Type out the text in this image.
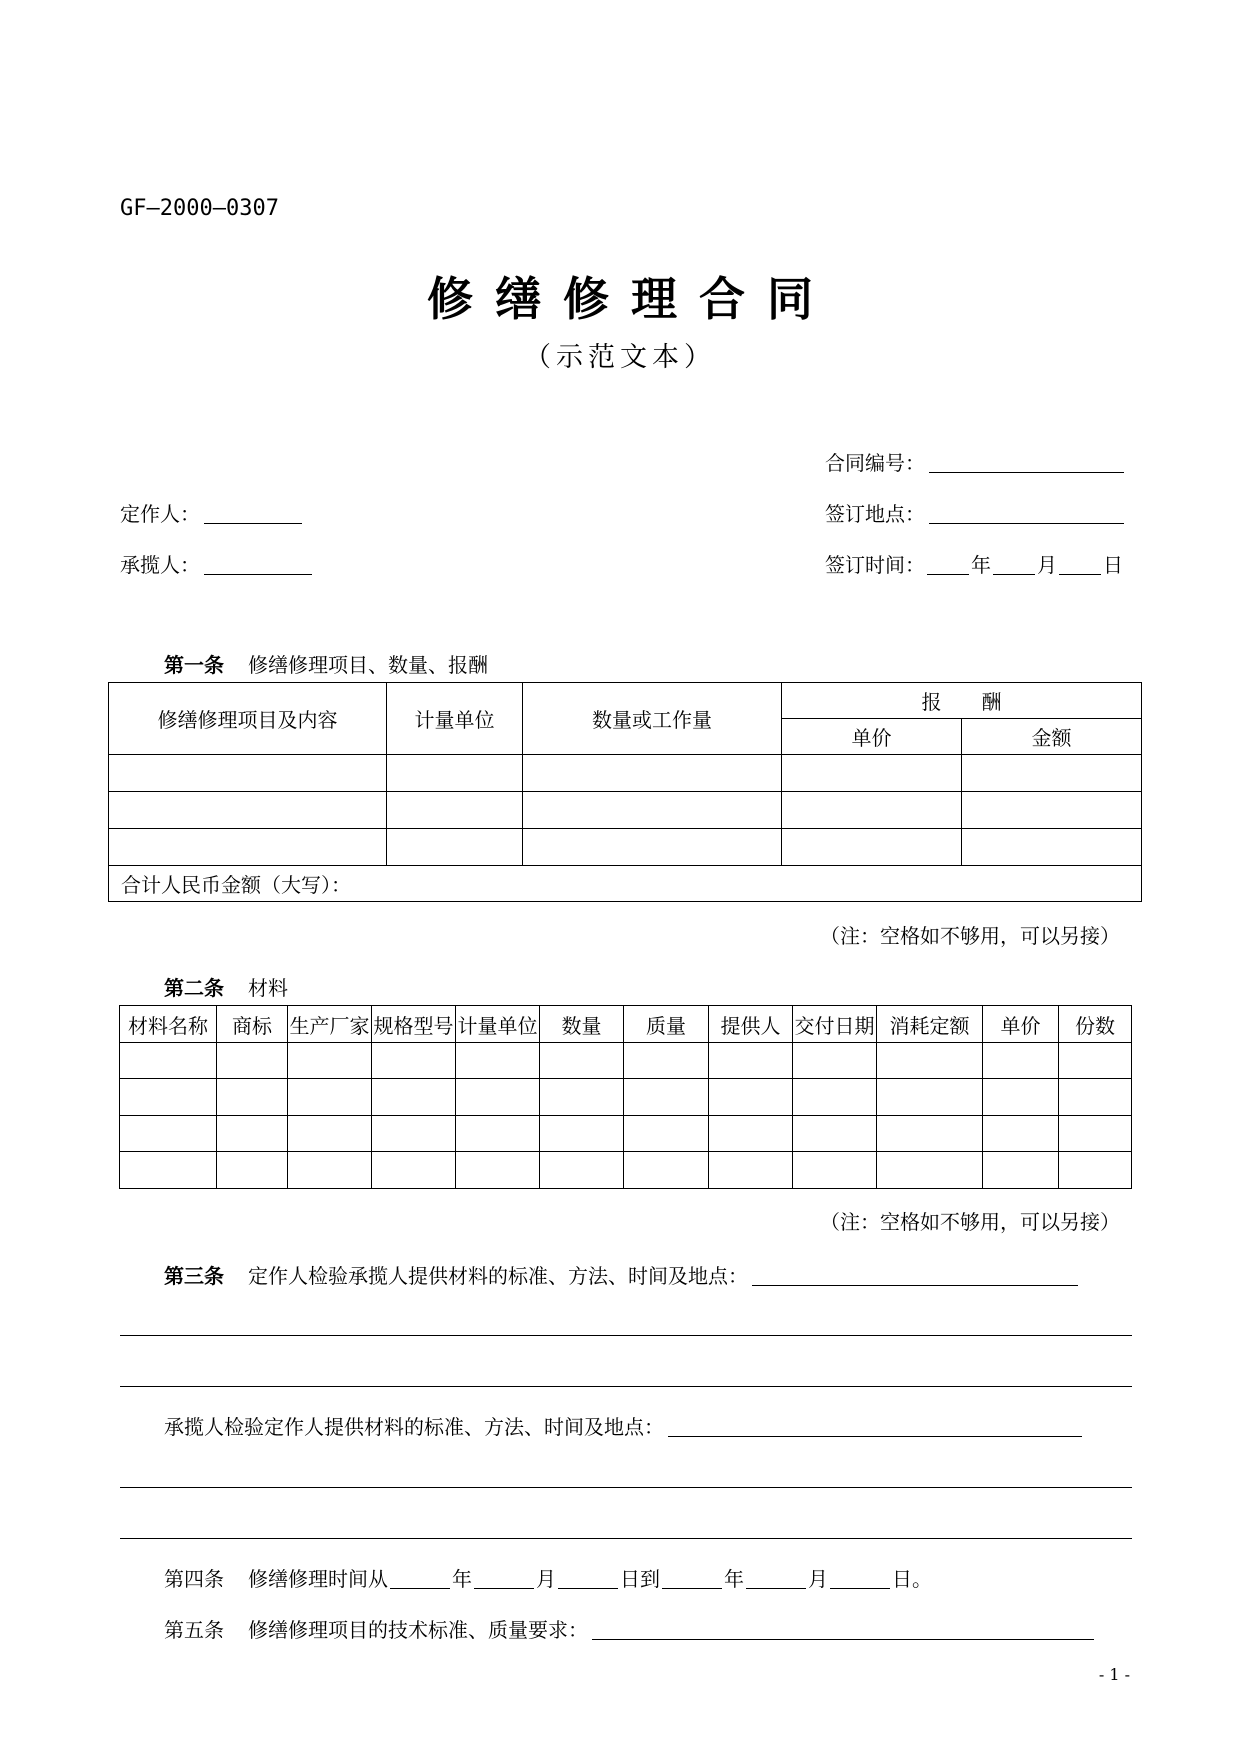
GF—2000—0307
修缮修理合同
（示范文本）
合同编号：
定作人：	签订地点：
承揽人：	签订时间： 年 月 日
第一条 修缮修理项目、数量、报酬
修缮修理项目及内容	计量单位	数量或工作量	报　　酬	
			单价	金额

合计人民币金额（大写）：				
（注：空格如不够用，可以另接）
第二条 材料
材料名称	商标	生产厂家	规格型号	计量单位	数量	质量	提供人	交付日期	消耗定额	单价	份数

（注：空格如不够用，可以另接）
第三条 定作人检验承揽人提供材料的标准、方法、时间及地点：
承揽人检验定作人提供材料的标准、方法、时间及地点：
第四条 修缮修理时间从	年	月	日到	年	月	日。
第五条 修缮修理项目的技术标准、质量要求：
- 1 -
